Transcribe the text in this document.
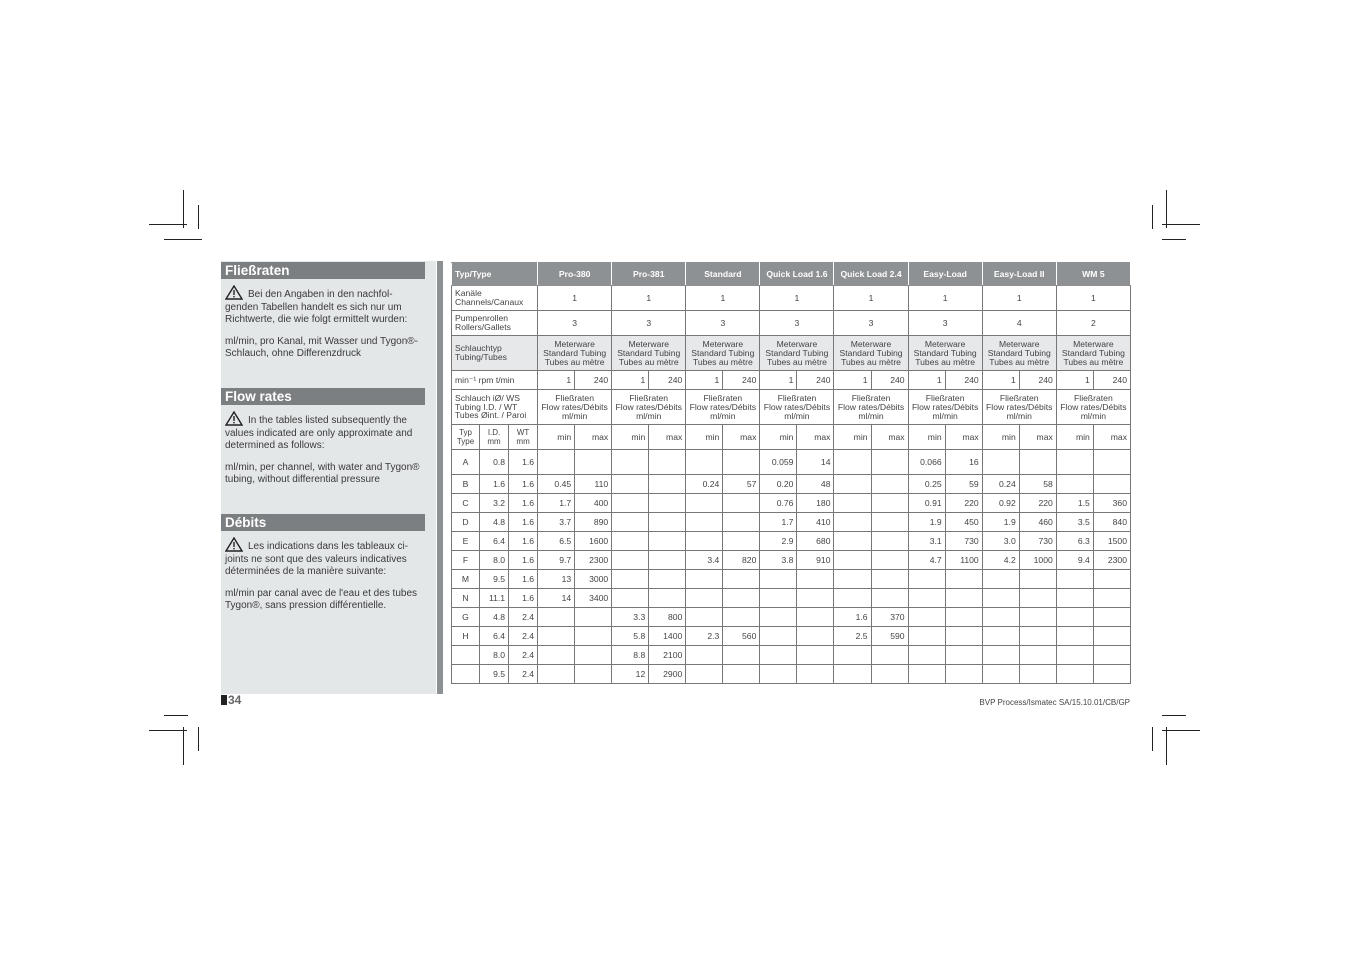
Fließraten
Bei den Angaben in den nachfol-genden Tabellen handelt es sich nur um Richtwerte, die wie folgt ermittelt wurden:
ml/min, pro Kanal, mit Wasser und Tygon®-Schlauch, ohne Differenzdruck
Flow rates
In the tables listed subsequently the values indicated are only approximate and determined as follows:
ml/min, per channel, with water and Tygon® tubing, without differential pressure
Débits
Les indications dans les tableaux ci-joints ne sont que des valeurs indicatives déterminées de la manière suivante:
ml/min par canal avec de l'eau et des tubes Tygon®, sans pression différentielle.
34	BVP Process/Ismatec SA/15.10.01/CB/GP
Typ/Type			Pro-380		Pro-381		Standard		Quick Load 1.6		Quick Load 2.4		Easy-Load		Easy-Load II		WM 5	
Kanäle
Channels/Canaux			1		1		1		1		1		1		1		1	
Pumpenrollen
Rollers/Gallets			3		3		3		3		3		3		4		2	
Schlauchtyp
Tubing/Tubes			Meterware
Standard Tubing
Tubes au mètre		Meterware
Standard Tubing
Tubes au mètre		Meterware
Standard Tubing
Tubes au mètre		Meterware
Standard Tubing
Tubes au mètre		Meterware
Standard Tubing
Tubes au mètre		Meterware
Standard Tubing
Tubes au mètre		Meterware
Standard Tubing
Tubes au mètre		Meterware
Standard Tubing
Tubes au mètre	
min⁻¹ rpm t/min			1	240	1	240	1	240	1	240	1	240	1	240	1	240	1	240
Schlauch iØ/ WS
Tubing I.D. / WT
Tubes Øint. / Paroi			Fließraten
Flow rates/Débits
ml/min		Fließraten
Flow rates/Débits
ml/min		Fließraten
Flow rates/Débits
ml/min		Fließraten
Flow rates/Débits
ml/min		Fließraten
Flow rates/Débits
ml/min		Fließraten
Flow rates/Débits
ml/min		Fließraten
Flow rates/Débits
ml/min		Fließraten
Flow rates/Débits
ml/min	
Typ
Type	I.D.
mm	WT
mm	min	max	min	max	min	max	min	max	min	max	min	max	min	max	min	max
A	0.8	1.6							0.059	14			0.066	16				
B	1.6	1.6	0.45	110			0.24	57	0.20	48			0.25	59	0.24	58		
C	3.2	1.6	1.7	400					0.76	180			0.91	220	0.92	220	1.5	360
D	4.8	1.6	3.7	890					1.7	410			1.9	450	1.9	460	3.5	840
E	6.4	1.6	6.5	1600					2.9	680			3.1	730	3.0	730	6.3	1500
F	8.0	1.6	9.7	2300			3.4	820	3.8	910			4.7	1100	4.2	1000	9.4	2300
M	9.5	1.6	13	3000														
N	11.1	1.6	14	3400														
G	4.8	2.4			3.3	800					1.6	370						
H	6.4	2.4			5.8	1400	2.3	560			2.5	590						
	8.0	2.4			8.8	2100												
	9.5	2.4			12	2900												
